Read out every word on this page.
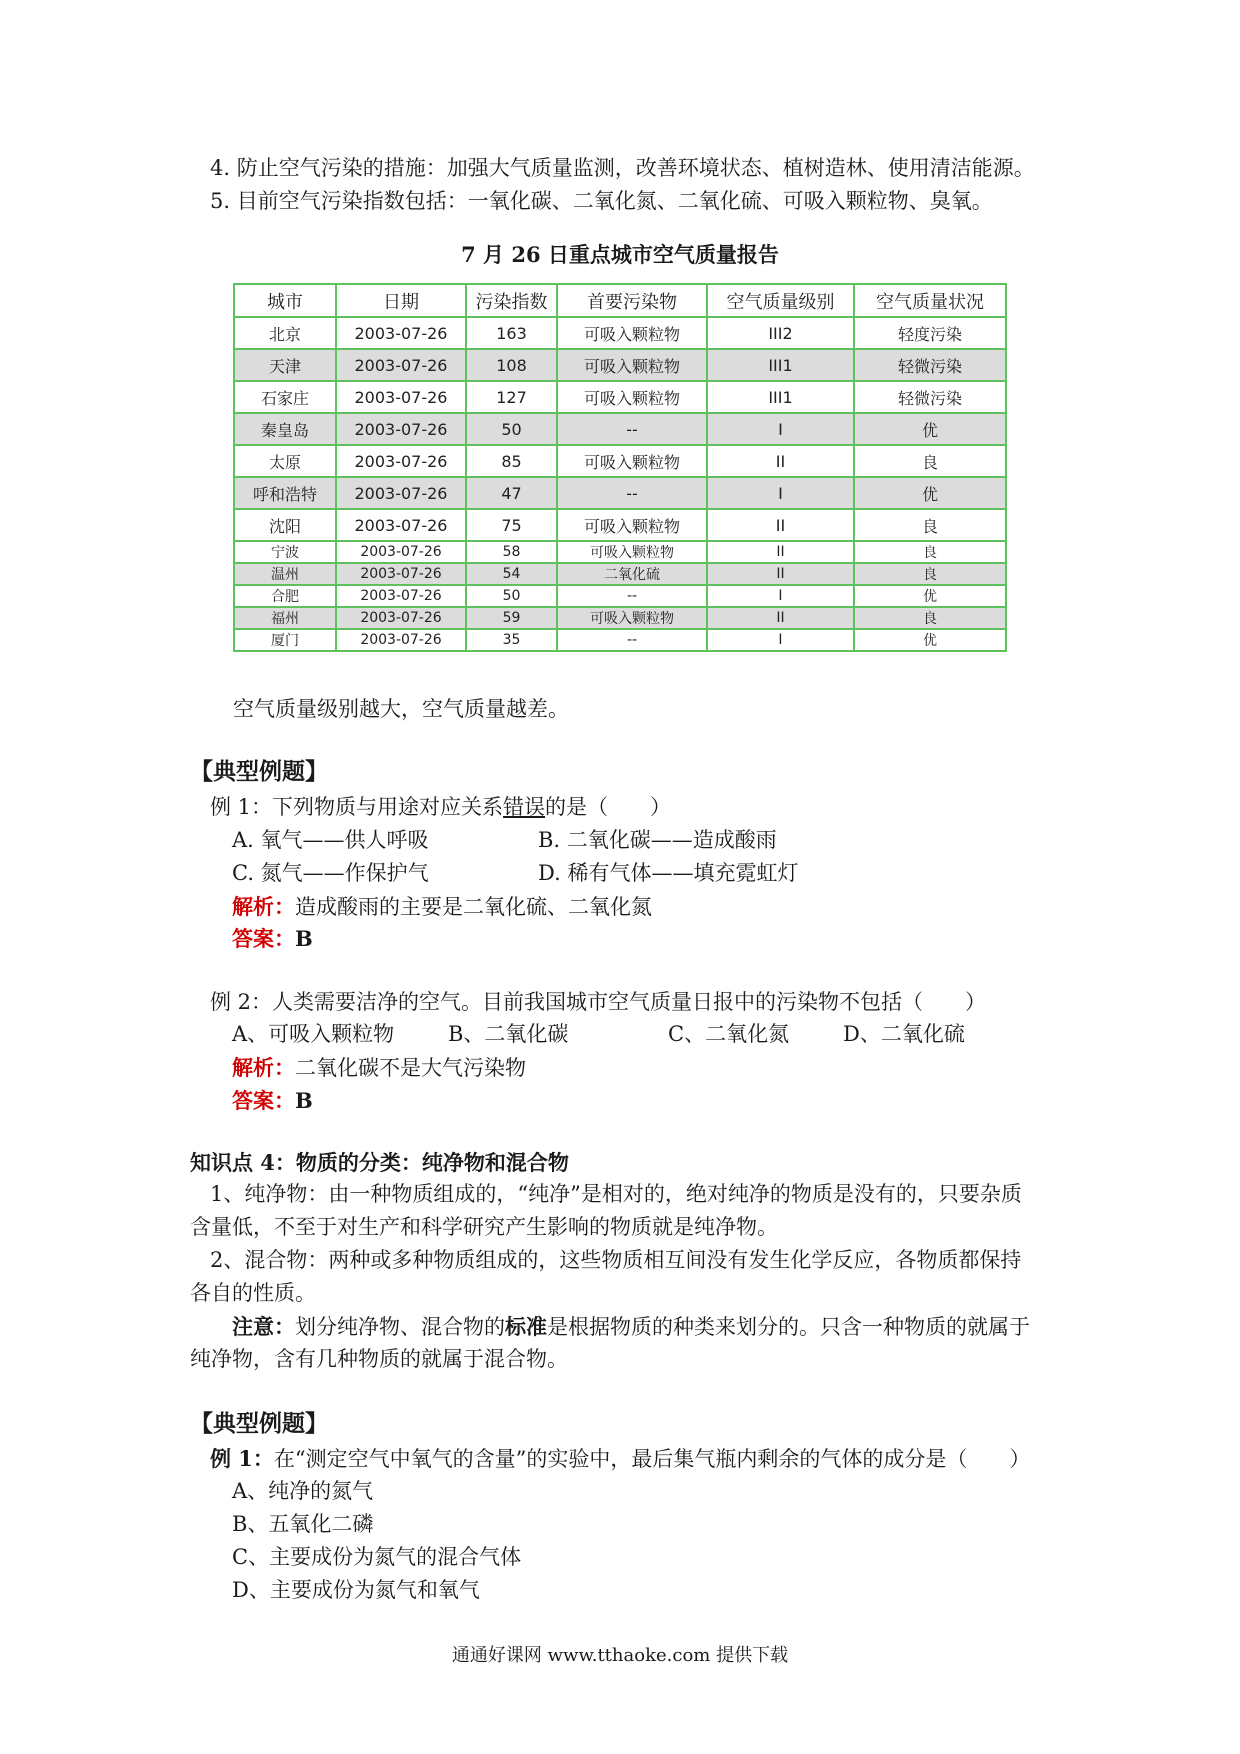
4. 防止空气污染的措施：加强大气质量监测，改善环境状态、植树造林、使用清洁能源。
5. 目前空气污染指数包括：一氧化碳、二氧化氮、二氧化硫、可吸入颗粒物、臭氧。
7 月 26 日重点城市空气质量报告
城市	日期	污染指数	首要污染物	空气质量级别	空气质量状况
北京	2003-07-26	163	可吸入颗粒物	III2	轻度污染
天津	2003-07-26	108	可吸入颗粒物	III1	轻微污染
石家庄	2003-07-26	127	可吸入颗粒物	III1	轻微污染
秦皇岛	2003-07-26	50	--	I	优
太原	2003-07-26	85	可吸入颗粒物	II	良
呼和浩特	2003-07-26	47	--	I	优
沈阳	2003-07-26	75	可吸入颗粒物	II	良
宁波	2003-07-26	58	可吸入颗粒物	II	良
温州	2003-07-26	54	二氧化硫	II	良
合肥	2003-07-26	50	--	I	优
福州	2003-07-26	59	可吸入颗粒物	II	良
厦门	2003-07-26	35	--	I	优
空气质量级别越大，空气质量越差。
【典型例题】
例 1：下列物质与用途对应关系错误的是（　　）
A. 氧气——供人呼吸	B. 二氧化碳——造成酸雨
C. 氮气——作保护气	D. 稀有气体——填充霓虹灯
解析：造成酸雨的主要是二氧化硫、二氧化氮
答案：B
例 2：人类需要洁净的空气。目前我国城市空气质量日报中的污染物不包括（　　）
A、可吸入颗粒物	B、二氧化碳	C、二氧化氮	D、二氧化硫
解析：二氧化碳不是大气污染物
答案：B
知识点 4：物质的分类：纯净物和混合物
1、纯净物：由一种物质组成的，“纯净”是相对的，绝对纯净的物质是没有的，只要杂质
含量低，不至于对生产和科学研究产生影响的物质就是纯净物。
2、混合物：两种或多种物质组成的，这些物质相互间没有发生化学反应，各物质都保持
各自的性质。
注意：划分纯净物、混合物的标准是根据物质的种类来划分的。只含一种物质的就属于
纯净物，含有几种物质的就属于混合物。
【典型例题】
例 1：在“测定空气中氧气的含量”的实验中，最后集气瓶内剩余的气体的成分是（　　）
A、纯净的氮气
B、五氧化二磷
C、主要成份为氮气的混合气体
D、主要成份为氮气和氧气
通通好课网 www.tthaoke.com 提供下载
